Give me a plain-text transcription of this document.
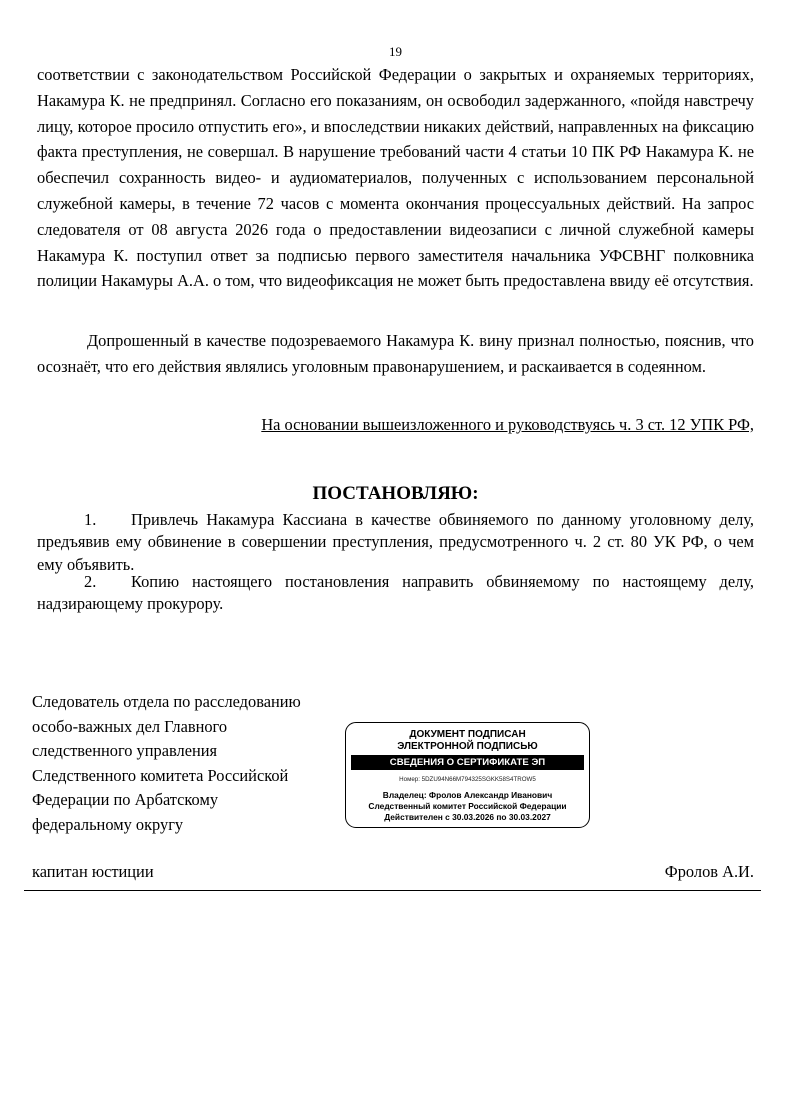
19

соответствии с законодательством Российской Федерации о закрытых и охраняемых территориях, Накамура К. не предпринял. Согласно его показаниям, он освободил задержанного, «пойдя навстречу лицу, которое просило отпустить его», и впоследствии никаких действий, направленных на фиксацию факта преступления, не совершал. В нарушение требований части 4 статьи 10 ПК РФ Накамура К. не обеспечил сохранность видео- и аудиоматериалов, полученных с использованием персональной служебной камеры, в течение 72 часов с момента окончания процессуальных действий. На запрос следователя от 08 августа 2026 года о предоставлении видеозаписи с личной служебной камеры Накамура К. поступил ответ за подписью первого заместителя начальника УФСВНГ полковника полиции Накамуры А.А. о том, что видеофиксация не может быть предоставлена ввиду её отсутствия.

Допрошенный в качестве подозреваемого Накамура К. вину признал полностью, пояснив, что осознаёт, что его действия являлись уголовным правонарушением, и раскаивается в содеянном.

На основании вышеизложенного и руководствуясь ч. 3 ст. 12 УПК РФ,
ПОСТАНОВЛЯЮ:

1. Привлечь Накамура Кассиана в качестве обвиняемого по данному уголовному делу, предъявив ему обвинение в совершении преступления, предусмотренного ч. 2 ст. 80 УК РФ, о чем ему объявить.

2. Копию настоящего постановления направить обвиняемому по настоящему делу, надзирающему прокурору.

Следователь отдела по расследованию
особо-важных дел Главного
следственного управления
Следственного комитета Российской
Федерации по Арбатскому
федеральному округу
ДОКУМЕНТ ПОДПИСАН
ЭЛЕКТРОННОЙ ПОДПИСЬЮ
СВЕДЕНИЯ О СЕРТИФИКАТЕ ЭП
Номер: 5DZU94N66M794325SGKK58S4TROW5
Владелец: Фролов Александр Иванович
Следственный комитет Российской Федерации
Действителен с 30.03.2026 по 30.03.2027
капитан юстиции	Фролов А.И.
